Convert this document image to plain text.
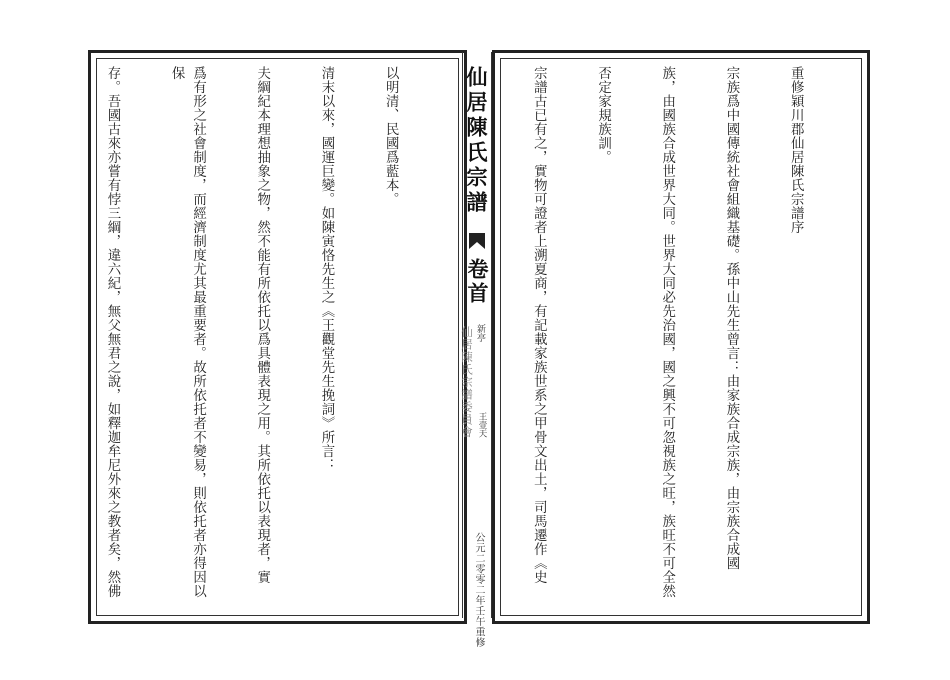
重修穎川郡仙居陳氏宗譜序

宗族爲中國傳統社會組織基礎。孫中山先生曾言：由家族合成宗族，由宗族合成國

族，由國族合成世界大同。世界大同必先治國，國之興不可忽視族之旺，族旺不可全然

否定家規族訓。

宗譜古已有之，實物可證者上溯夏商，有記載家族世系之甲骨文出土，司馬遷作《史

以明清、民國爲藍本。

清末以來，國運巨變。如陳寅恪先生之《王觀堂先生挽詞》所言：

夫綱紀本理想抽象之物，然不能有所依托以爲具體表現之用。其所依托以表現者，實

爲有形之社會制度，而經濟制度尤其最重要者。故所依托者不變易，則依托者亦得因以保

存。吾國古來亦嘗有悖三綱，違六紀，無父無君之說，如釋迦牟尼外來之教者矣，然佛

	仙居陳氏宗譜
卷首
仙居陳氏宗譜委員會 新亭
王壹天
公元二零零二年壬午重修
